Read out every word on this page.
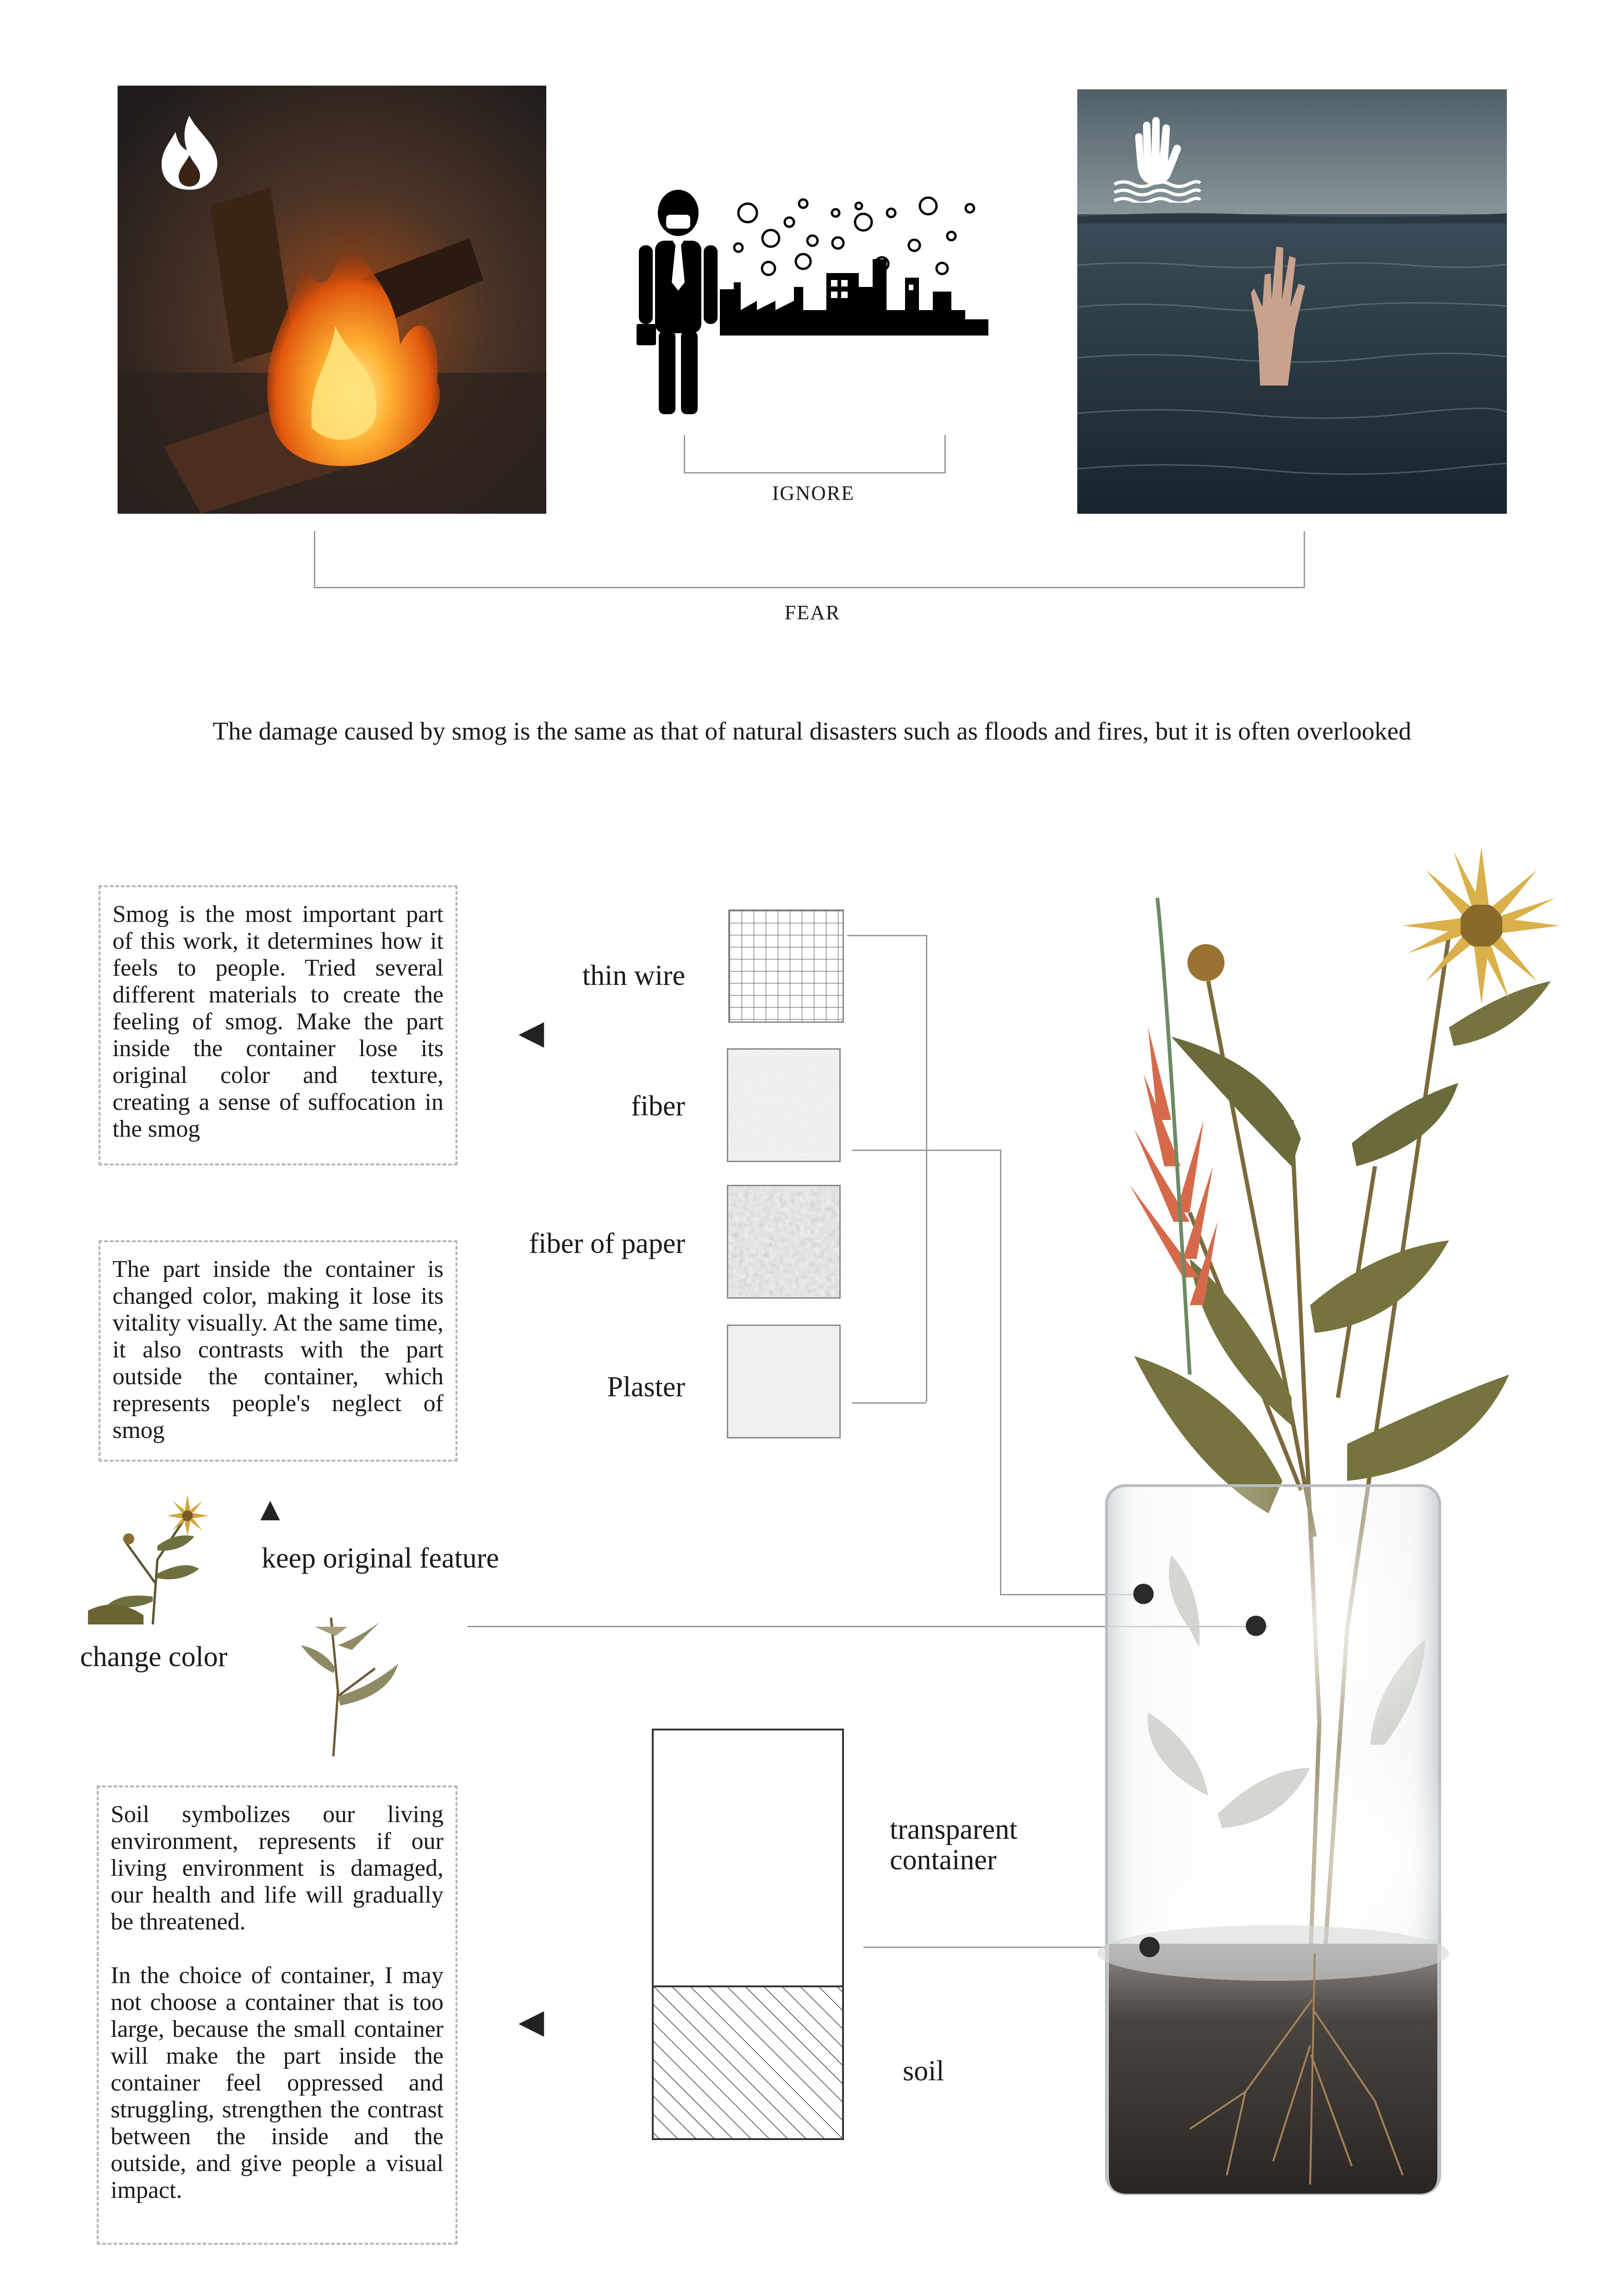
IGNORE
FEAR
The damage caused by smog is the same as that of natural disasters such as floods and fires, but it is often overlooked

Smog is the most important part of this work, it determines how it feels to people. Tried several different materials to create the feeling of smog. Make the part inside the container lose its original color and texture, creating a sense of suffocation in the smog

◀

The part inside the container is changed color, making it lose its vitality visually. At the same time, it also contrasts with the part outside the container, which represents people's neglect of smog

▲
thin wire
fiber
fiber of paper
Plaster
keep original feature
change color

Soil symbolizes our living environment, represents if our living environment is damaged, our health and life will gradually be threatened.

In the choice of container, I may not choose a container that is too large, because the small container will make the part inside the container feel oppressed and struggling, strengthen the contrast between the inside and the outside, and give people a visual impact.

◀
transparent container
soil
